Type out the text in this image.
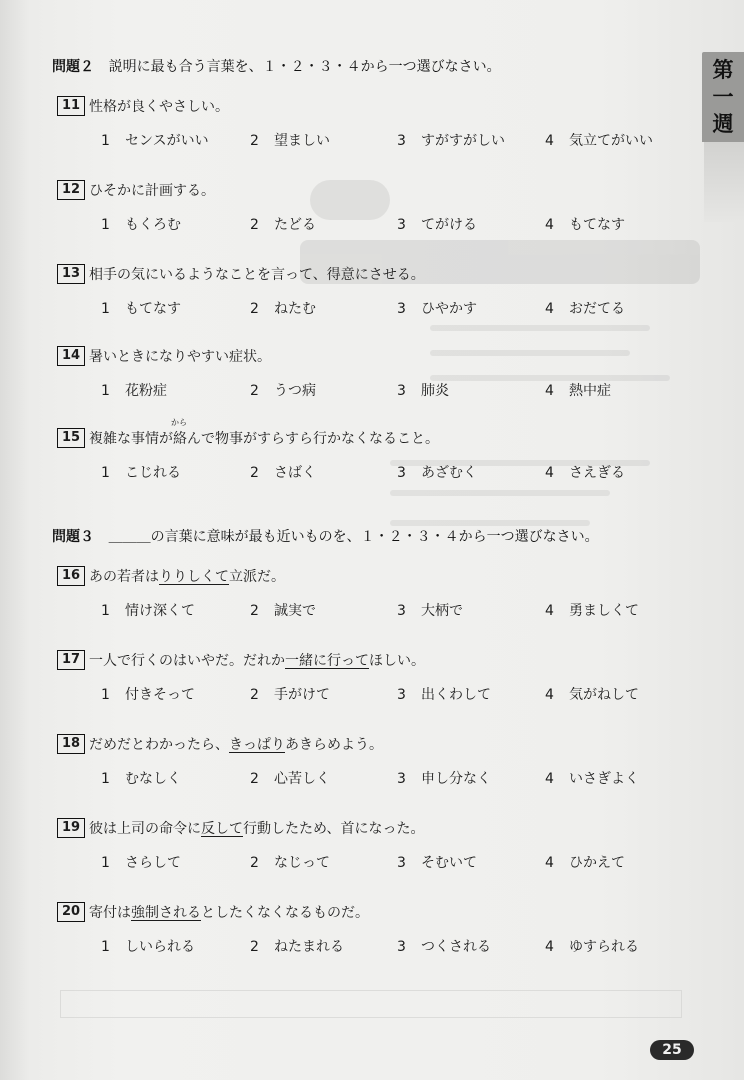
第
一
週
問題２ 説明に最も合う言葉を、１・２・３・４から一つ選びなさい。
11 性格が良くやさしい。
1 センスがいい	2 望ましい	3 すがすがしい	4 気立てがいい
12 ひそかに計画する。
1 もくろむ	2 たどる	3 てがける	4 もてなす
13 相手の気にいるようなことを言って、得意にさせる。
1 もてなす	2 ねたむ	3 ひやかす	4 おだてる
14 暑いときになりやすい症状。
1 花粉症	2 うつ病	3 肺炎	4 熱中症
15 複雑な事情が 絡
から
んで物事がすらすら行かなくなること。
1 こじれる	2 さばく	3 あざむく	4 さえぎる
問題３ ＿＿＿の言葉に意味が最も近いものを、１・２・３・４から一つ選びなさい。
16 あの若者は りりしくて 立派だ。
1 情け深くて	2 誠実で	3 大柄で	4 勇ましくて
17 一人で行くのはいやだ。だれか 一緒に行って ほしい。
1 付きそって	2 手がけて	3 出くわして	4 気がねして
18 だめだとわかったら、 きっぱり あきらめよう。
1 むなしく	2 心苦しく	3 申し分なく	4 いさぎよく
19 彼は上司の命令に 反して 行動したため、首になった。
1 さらして	2 なじって	3 そむいて	4 ひかえて
20 寄付は 強制される としたくなくなるものだ。
1 しいられる	2 ねたまれる	3 つくされる	4 ゆすられる
25
